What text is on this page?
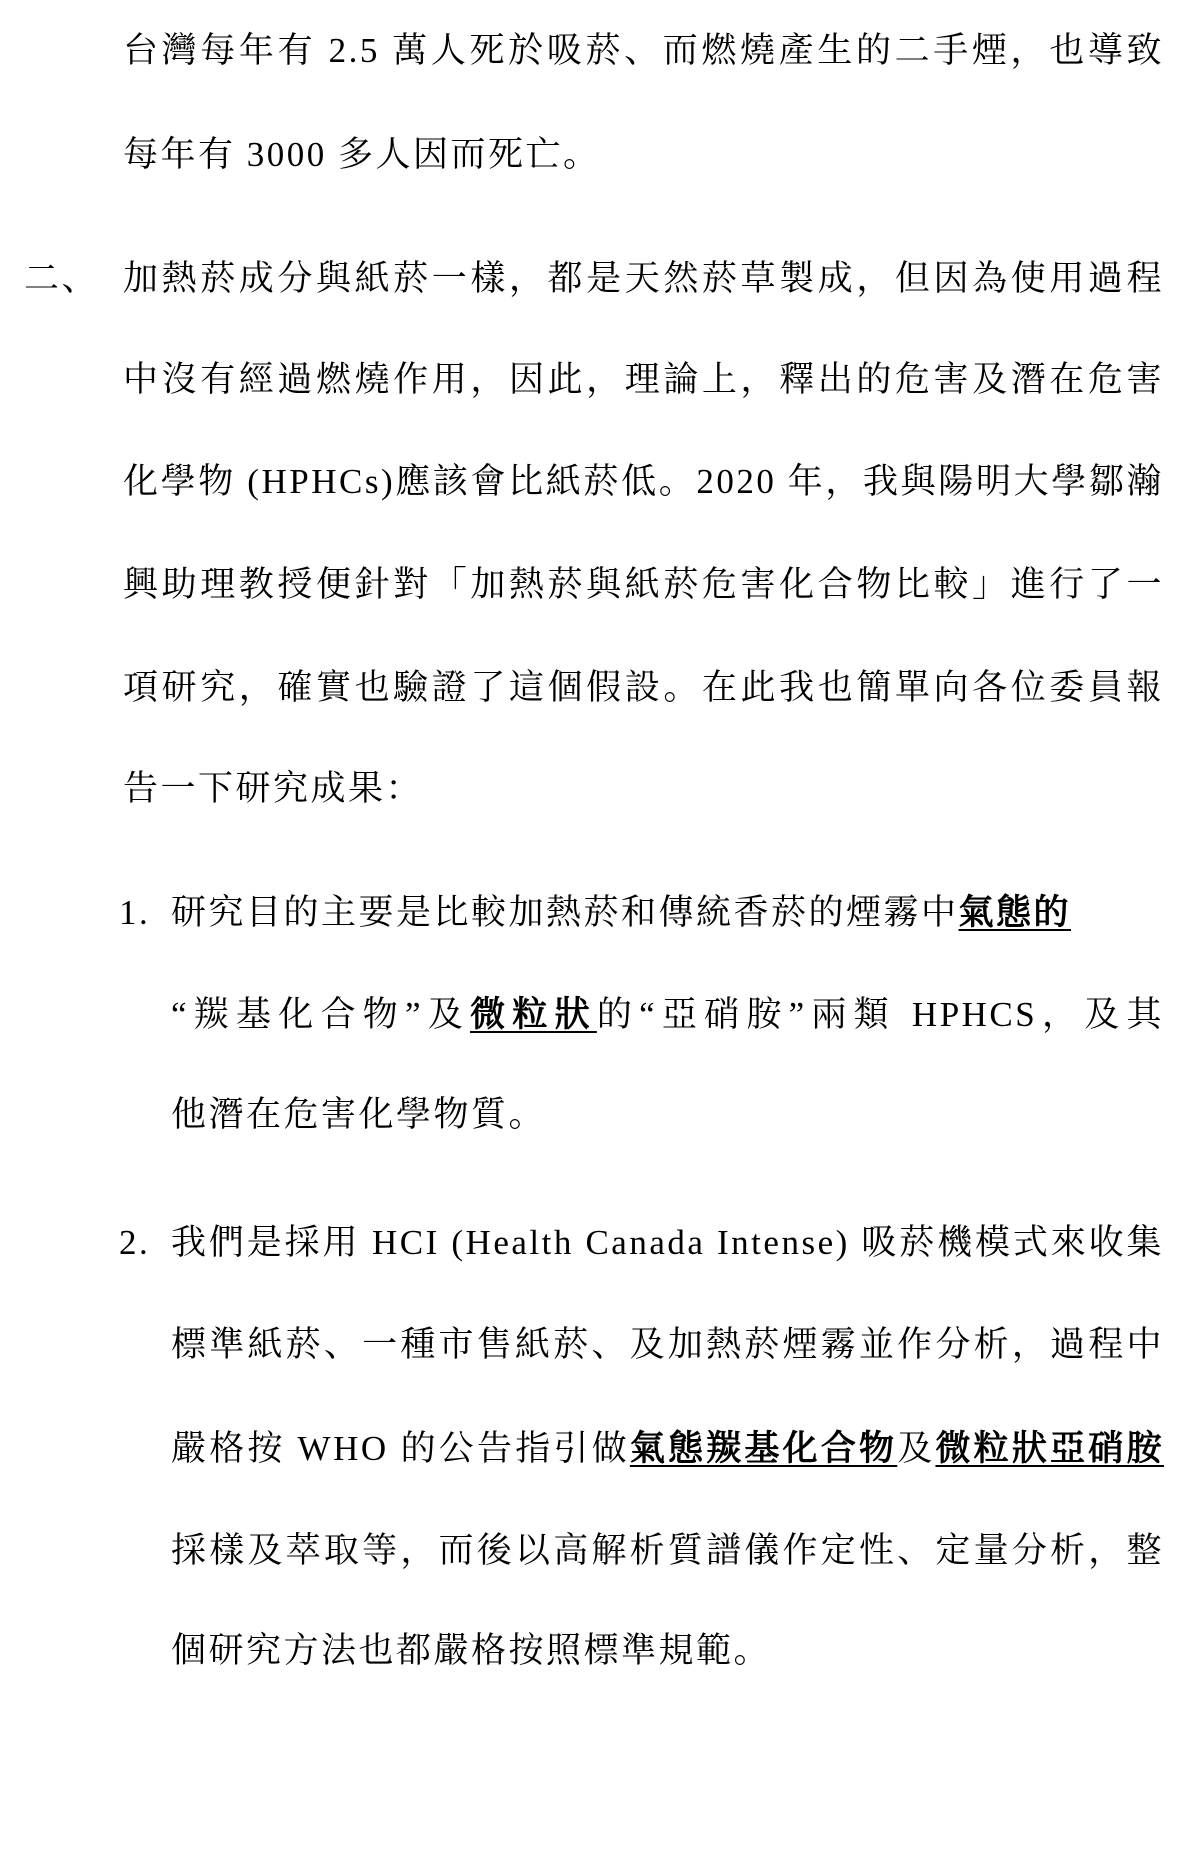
台灣每年有 2.5 萬人死於吸菸、而燃燒產生的二手煙，也導致
每年有 3000 多人因而死亡。
二、 加熱菸成分與紙菸一樣，都是天然菸草製成，但因為使用過程
中沒有經過燃燒作用，因此，理論上，釋出的危害及潛在危害
化學物 (HPHCs)應該會比紙菸低。2020 年，我與陽明大學鄒瀚
興助理教授便針對「加熱菸與紙菸危害化合物比較」進行了一
項研究，確實也驗證了這個假設。在此我也簡單向各位委員報
告一下研究成果：
1. 研究目的主要是比較加熱菸和傳統香菸的煙霧中氣態的
“羰基化合物”及微粒狀的“亞硝胺”兩類 HPHCS，及其
他潛在危害化學物質。
2. 我們是採用 HCI (Health Canada Intense) 吸菸機模式來收集
標準紙菸、一種市售紙菸、及加熱菸煙霧並作分析，過程中
嚴格按 WHO 的公告指引做氣態羰基化合物及微粒狀亞硝胺
採樣及萃取等，而後以高解析質譜儀作定性、定量分析，整
個研究方法也都嚴格按照標準規範。
